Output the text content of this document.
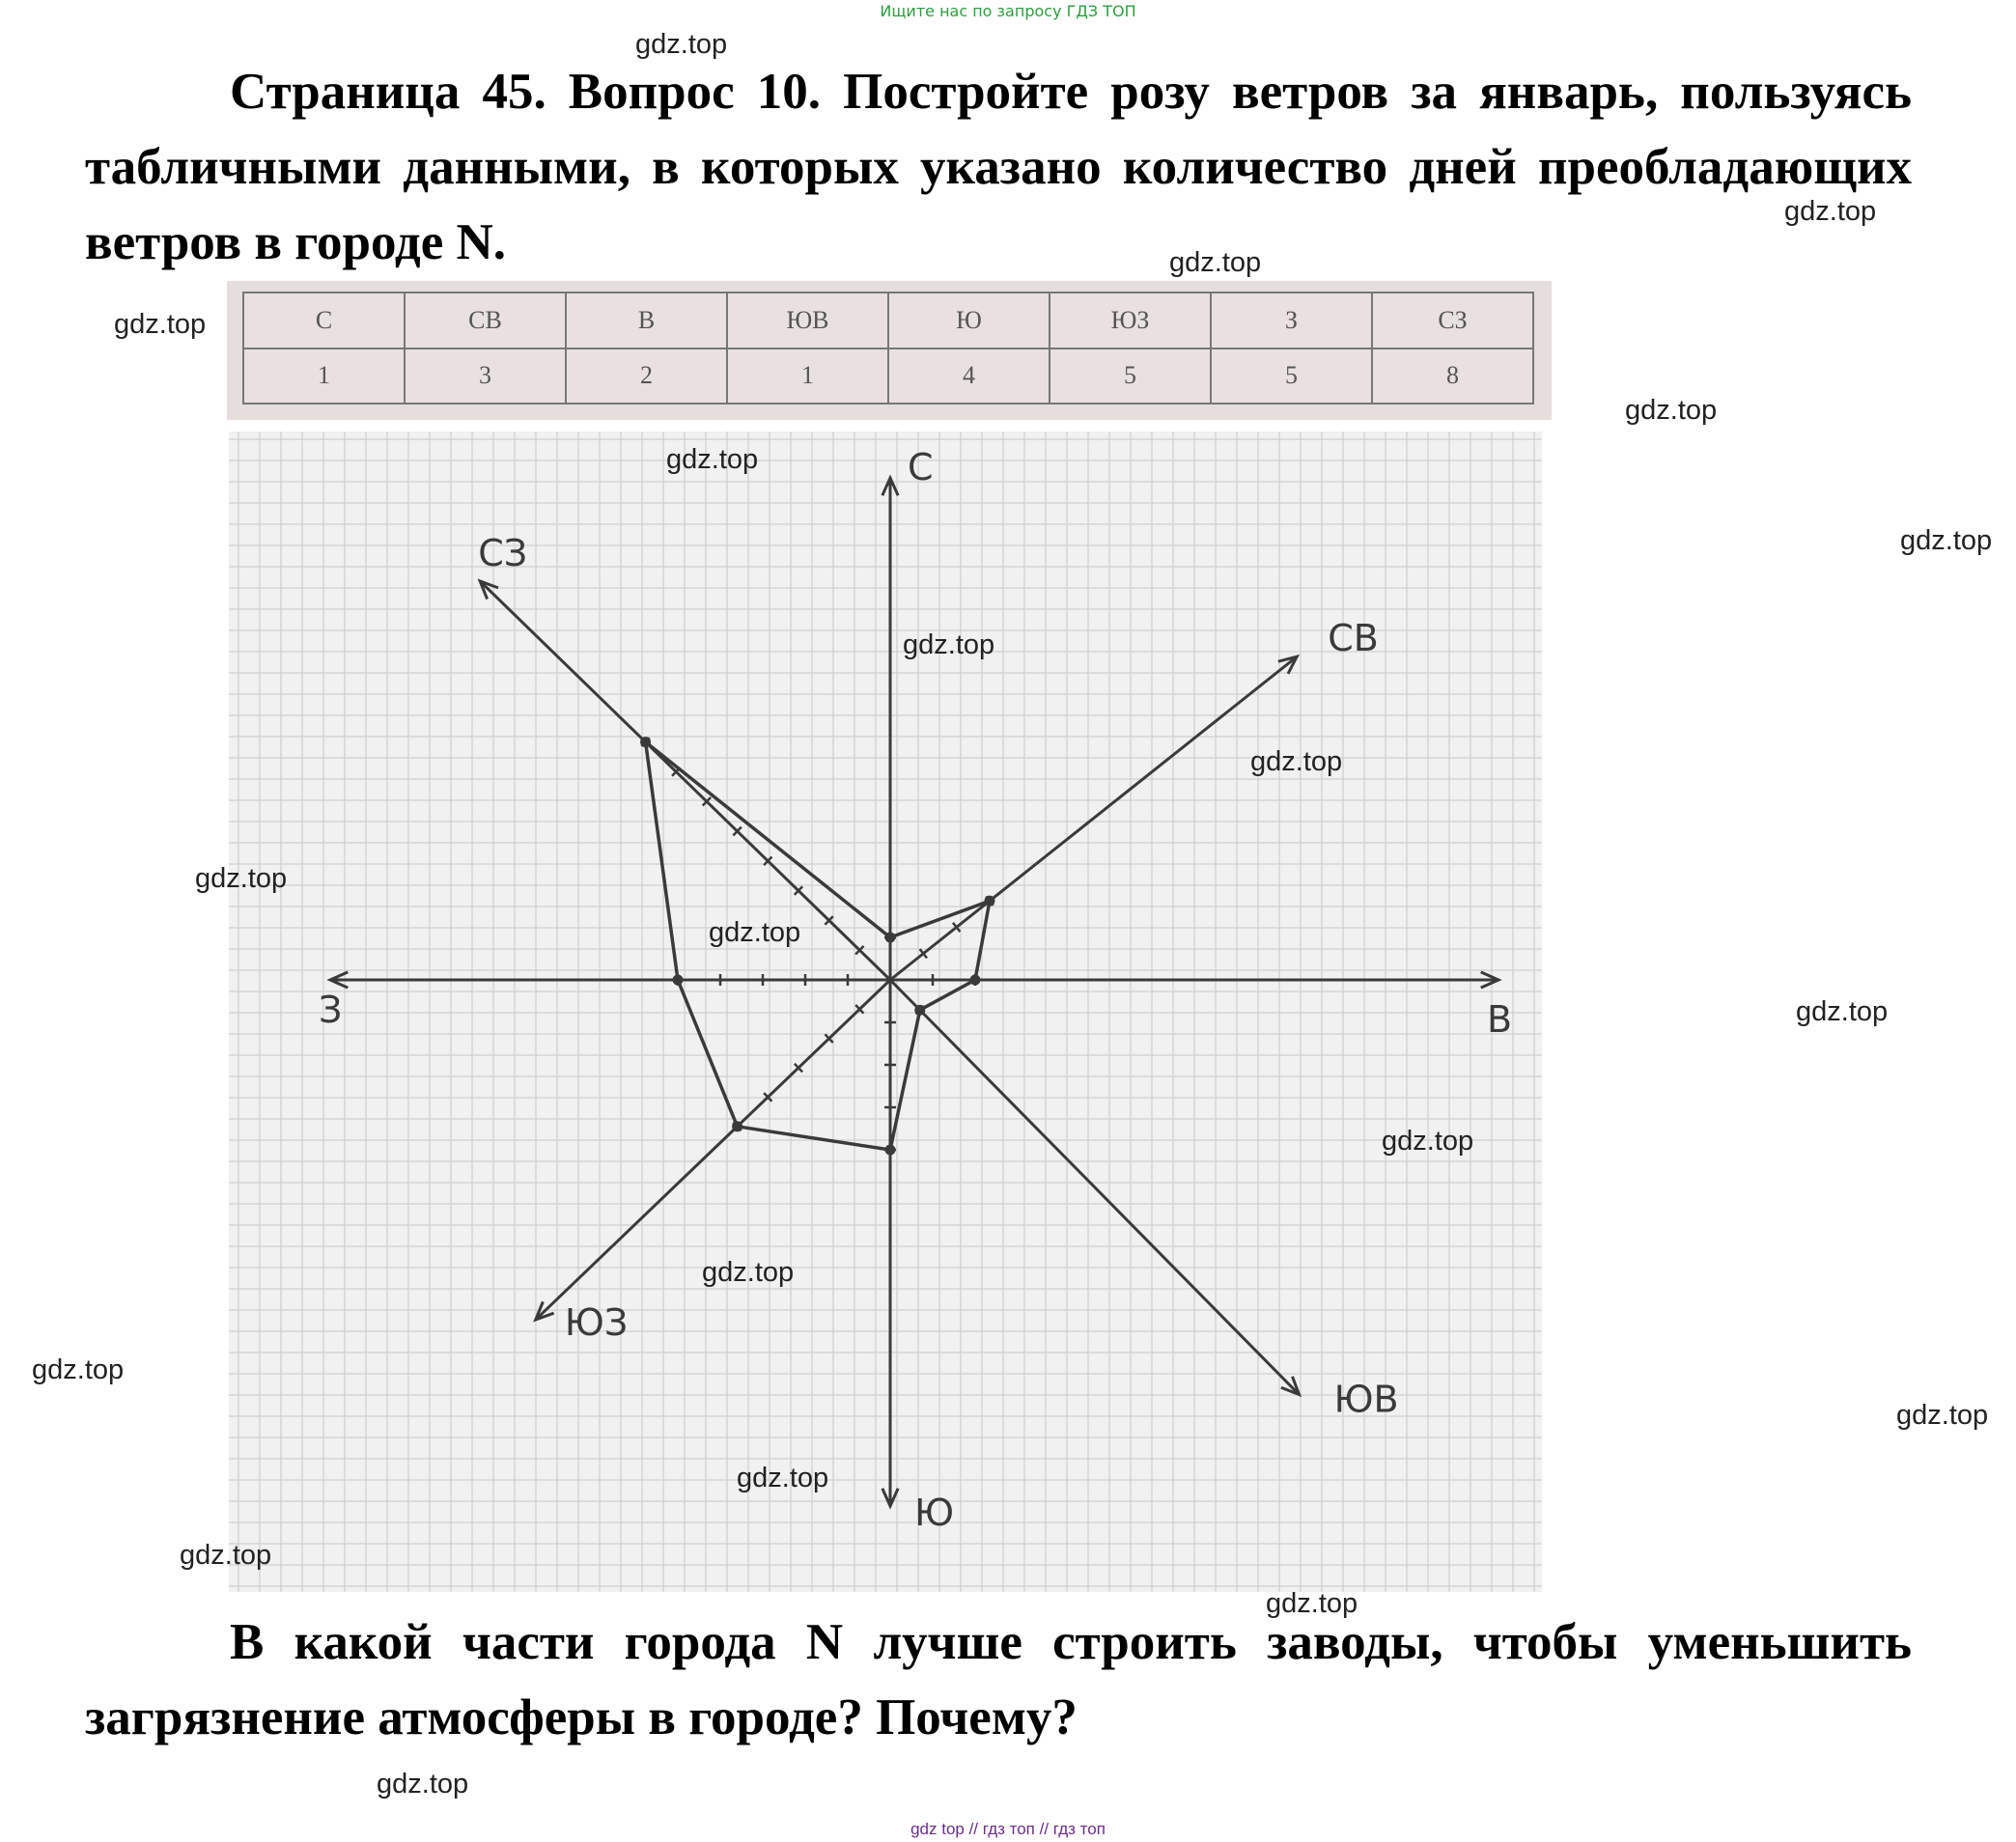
Ищите нас по запросу ГДЗ ТОП

Страница 45. Вопрос 10. Постройте розу ветров за январь, пользуясь табличными данными, в которых указано количество дней преобладающих ветров в городе N.

С	СВ	В	ЮВ	Ю	ЮЗ	З	СЗ
1	3	2	1	4	5	5	8
С
СВ
В
ЮВ
Ю
ЮЗ
З
СЗ

В какой части города N лучше строить заводы, чтобы уменьшить загрязнение атмосферы в городе? Почему?

gdz.top
gdz.top
gdz.top
gdz.top
gdz.top
gdz.top
gdz.top
gdz.top
gdz.top
gdz.top
gdz.top
gdz.top
gdz.top
gdz.top
gdz.top
gdz.top
gdz.top
gdz.top
gdz.top
gdz.top
gdz top // гдз топ // гдз топ
